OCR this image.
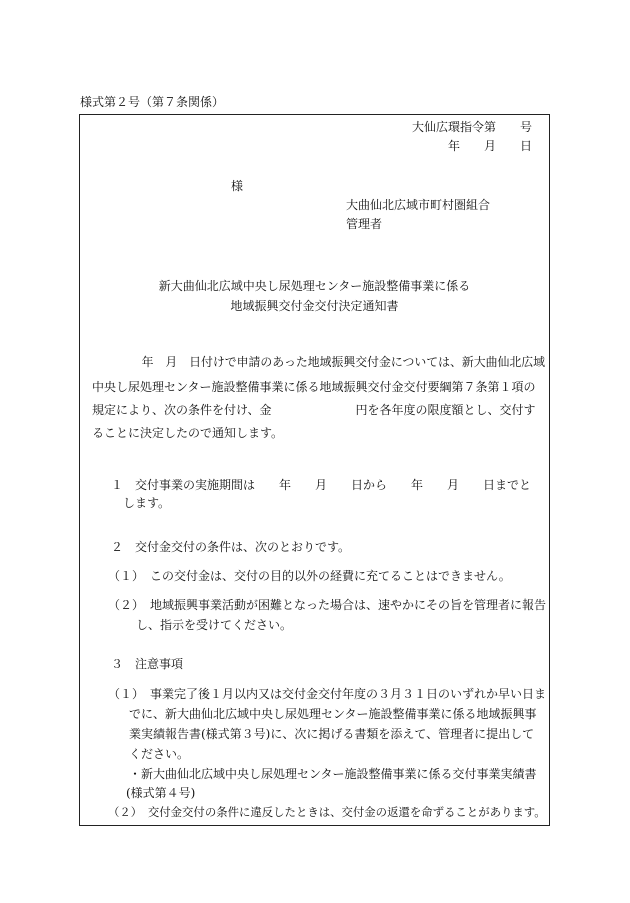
様式第２号（第７条関係）
大仙広環指令第　　号
年　　月　　日
様
大曲仙北広域市町村圏組合
管理者
新大曲仙北広域中央し尿処理センター施設整備事業に係る
地域振興交付金交付決定通知書
　　　年　月　日付けで申請のあった地域振興交付金については、新大曲仙北広域
中央し尿処理センター施設整備事業に係る地域振興交付金交付要綱第７条第１項の
規定により、次の条件を付け、金　　　　　　　円を各年度の限度額とし、交付す
ることに決定したので通知します。
１　交付事業の実施期間は　　年　　月　　日から　　年　　月　　日までと
　します。
２　交付金交付の条件は、次のとおりです。
（１）　この交付金は、交付の目的以外の経費に充てることはできません。
（２）　地域振興事業活動が困難となった場合は、速やかにその旨を管理者に報告
し、指示を受けてください。
３　注意事項
（１）　事業完了後１月以内又は交付金交付年度の３月３１日のいずれか早い日ま
でに、新大曲仙北広域中央し尿処理センター施設整備事業に係る地域振興事
業実績報告書(様式第３号)に、次に掲げる書類を添えて、管理者に提出して
ください。
・新大曲仙北広域中央し尿処理センター施設整備事業に係る交付事業実績書
(様式第４号)
（２）　交付金交付の条件に違反したときは、交付金の返還を命ずることがあります。
